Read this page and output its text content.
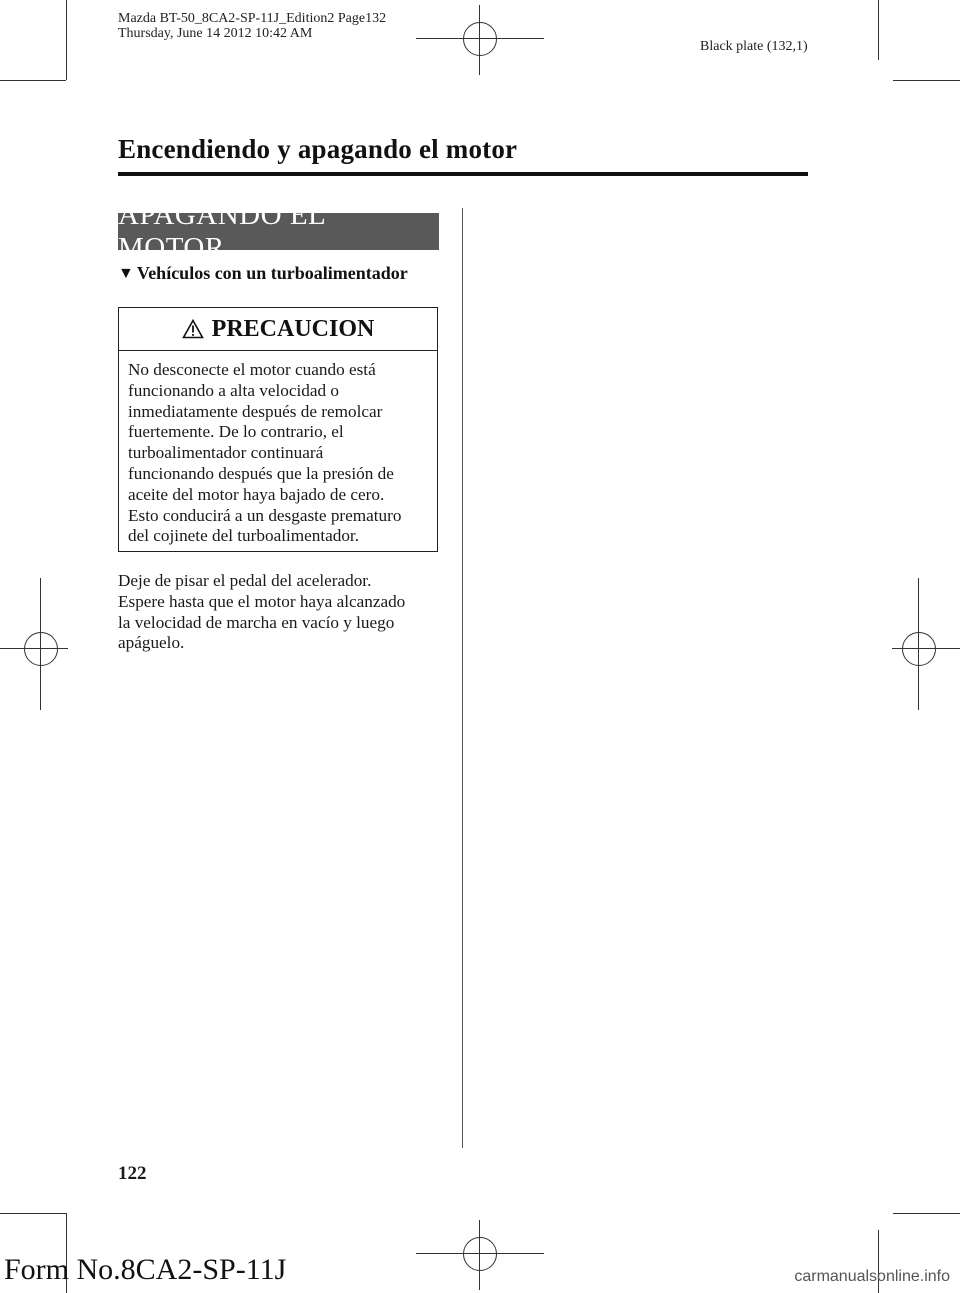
Mazda BT-50_8CA2-SP-11J_Edition2 Page132
Thursday, June 14 2012 10:42 AM
Black plate (132,1)
Encendiendo y apagando el motor
APAGANDO EL MOTOR
▼ Vehículos con un turboalimentador
PRECAUCION
No desconecte el motor cuando está
funcionando a alta velocidad o
inmediatamente después de remolcar
fuertemente. De lo contrario, el
turboalimentador continuará
funcionando después que la presión de
aceite del motor haya bajado de cero.
Esto conducirá a un desgaste prematuro
del cojinete del turboalimentador.
Deje de pisar el pedal del acelerador.
Espere hasta que el motor haya alcanzado
la velocidad de marcha en vacío y luego
apáguelo.
122
Form No.8CA2-SP-11J	carmanualsonline.info
